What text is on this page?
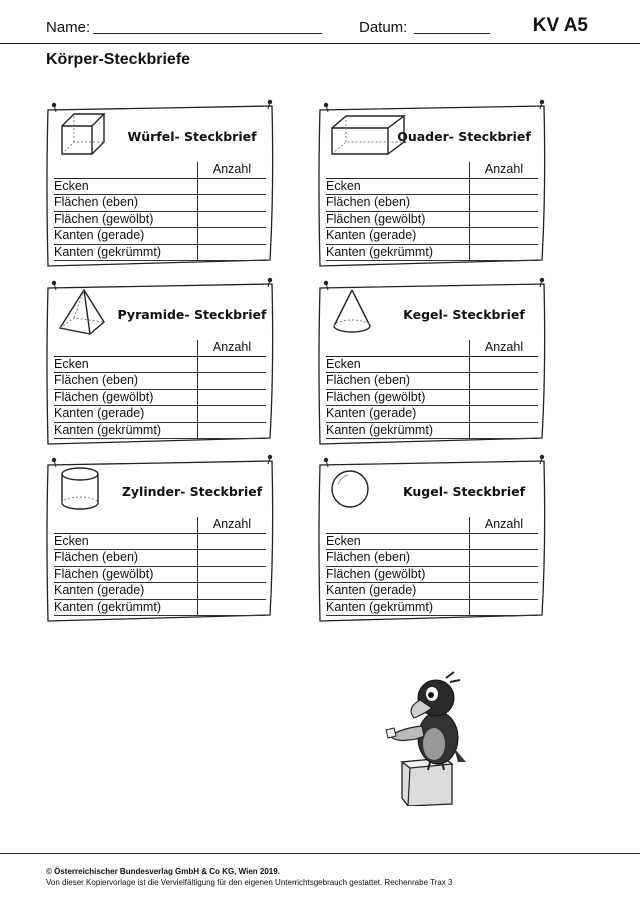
Name:	Datum:	KV A5
Körper-Steckbriefe
Würfel- Steckbrief
	Anzahl
Ecken	
Flächen (eben)	
Flächen (gewölbt)	
Kanten (gerade)	
Kanten (gekrümmt)	
Quader- Steckbrief
	Anzahl
Ecken	
Flächen (eben)	
Flächen (gewölbt)	
Kanten (gerade)	
Kanten (gekrümmt)	
Pyramide- Steckbrief
	Anzahl
Ecken	
Flächen (eben)	
Flächen (gewölbt)	
Kanten (gerade)	
Kanten (gekrümmt)	
Kegel- Steckbrief
	Anzahl
Ecken	
Flächen (eben)	
Flächen (gewölbt)	
Kanten (gerade)	
Kanten (gekrümmt)	
Zylinder- Steckbrief
	Anzahl
Ecken	
Flächen (eben)	
Flächen (gewölbt)	
Kanten (gerade)	
Kanten (gekrümmt)	
Kugel- Steckbrief
	Anzahl
Ecken	
Flächen (eben)	
Flächen (gewölbt)	
Kanten (gerade)	
Kanten (gekrümmt)	
© Österreichischer Bundesverlag GmbH & Co KG, Wien 2019.
Von dieser Kopiervorlage ist die Vervielfältigung für den eigenen Unterrichtsgebrauch gestattet. Rechenrabe Trax 3
